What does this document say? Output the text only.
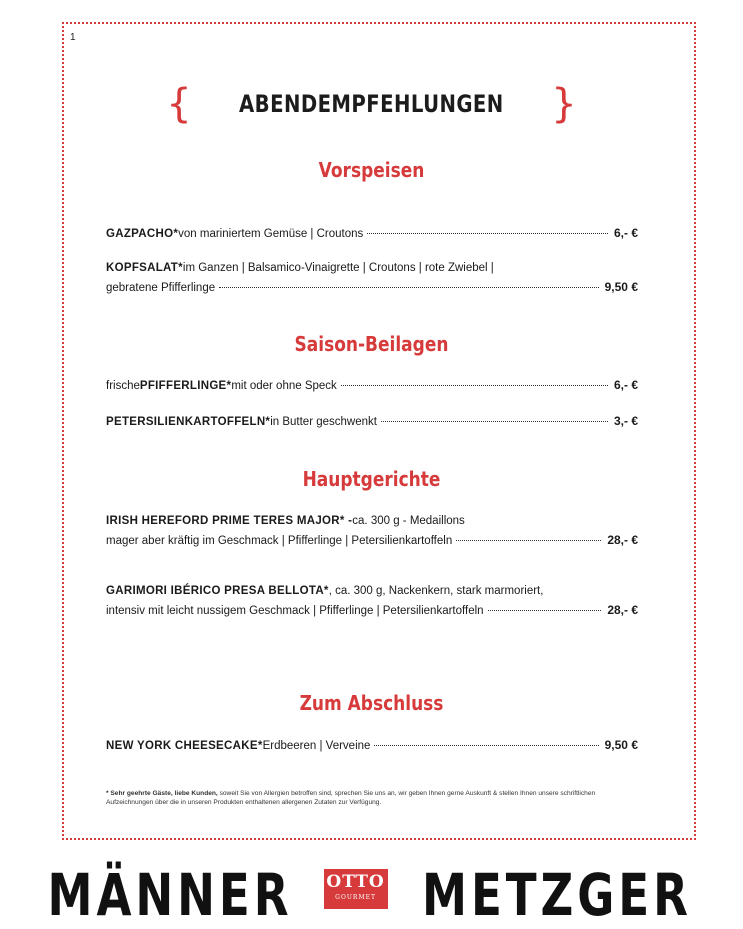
1
{ ABENDEMPFEHLUNGEN }
Vorspeisen
GAZPACHO* von mariniertem Gemüse | Croutons	6,- €
KOPFSALAT* im Ganzen | Balsamico-Vinaigrette | Croutons | rote Zwiebel |
gebratene Pfifferlinge	9,50 €
Saison-Beilagen
frische PFIFFERLINGE* mit oder ohne Speck	6,- €
PETERSILIENKARTOFFELN* in Butter geschwenkt	3,- €
Hauptgerichte
IRISH HEREFORD PRIME TERES MAJOR* - ca. 300 g - Medaillons
mager aber kräftig im Geschmack | Pfifferlinge | Petersilienkartoffeln	28,- €
GARIMORI IBÉRICO PRESA BELLOTA* , ca. 300 g, Nackenkern, stark marmoriert,
intensiv mit leicht nussigem Geschmack | Pfifferlinge | Petersilienkartoffeln	28,- €
Zum Abschluss
NEW YORK CHEESECAKE* Erdbeeren | Verveine	9,50 €
* Sehr geehrte Gäste, liebe Kunden, soweit Sie von Allergien betroffen sind, sprechen Sie uns an, wir geben Ihnen gerne Auskunft & stellen Ihnen unsere schriftlichen Aufzeichnungen über die in unseren Produkten enthaltenen allergenen Zutaten zur Verfügung.
MÄNNER OTTO
GOURMET METZGER
